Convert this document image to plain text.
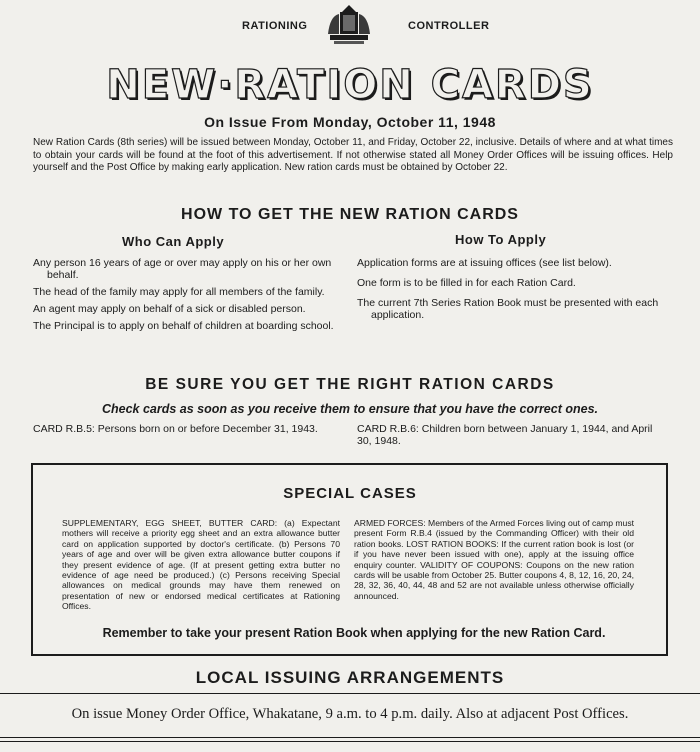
RATIONING	CONTROLLER
NEW·RATION CARDS
On Issue From Monday, October 11, 1948
New Ration Cards (8th series) will be issued between Monday, October 11, and Friday, October 22, inclusive. Details of where and at what times to obtain your cards will be found at the foot of this advertisement. If not otherwise stated all Money Order Offices will be issuing offices. Help yourself and the Post Office by making early application. New ration cards must be obtained by October 22.
HOW TO GET THE NEW RATION CARDS
Who Can Apply	How To Apply
Any person 16 years of age or over may apply on his or her own behalf.
The head of the family may apply for all members of the family.
An agent may apply on behalf of a sick or disabled person.
The Principal is to apply on behalf of children at boarding school.
Application forms are at issuing offices (see list below).
One form is to be filled in for each Ration Card.
The current 7th Series Ration Book must be presented with each application.
BE SURE YOU GET THE RIGHT RATION CARDS
Check cards as soon as you receive them to ensure that you have the correct ones.
CARD R.B.5: Persons born on or before December 31, 1943.	CARD R.B.6: Children born between January 1, 1944, and April 30, 1948.
SPECIAL CASES
SUPPLEMENTARY, EGG SHEET, BUTTER CARD: (a) Expectant mothers will receive a priority egg sheet and an extra allowance butter card on application supported by doctor's certificate. (b) Persons 70 years of age and over will be given extra allowance butter coupons if they present evidence of age. (If at present getting extra butter no evidence of age need be produced.) (c) Persons receiving Special allowances on medical grounds may have them renewed on presentation of new or endorsed medical certificates at Rationing Offices.
ARMED FORCES: Members of the Armed Forces living out of camp must present Form R.B.4 (issued by the Commanding Officer) with their old ration books. LOST RATION BOOKS: If the current ration book is lost (or if you have never been issued with one), apply at the issuing office enquiry counter. VALIDITY OF COUPONS: Coupons on the new ration cards will be usable from October 25. Butter coupons 4, 8, 12, 16, 20, 24, 28, 32, 36, 40, 44, 48 and 52 are not available unless otherwise officially announced.
Remember to take your present Ration Book when applying for the new Ration Card.
LOCAL ISSUING ARRANGEMENTS
On issue Money Order Office, Whakatane, 9 a.m. to 4 p.m. daily. Also at adjacent Post Offices.
